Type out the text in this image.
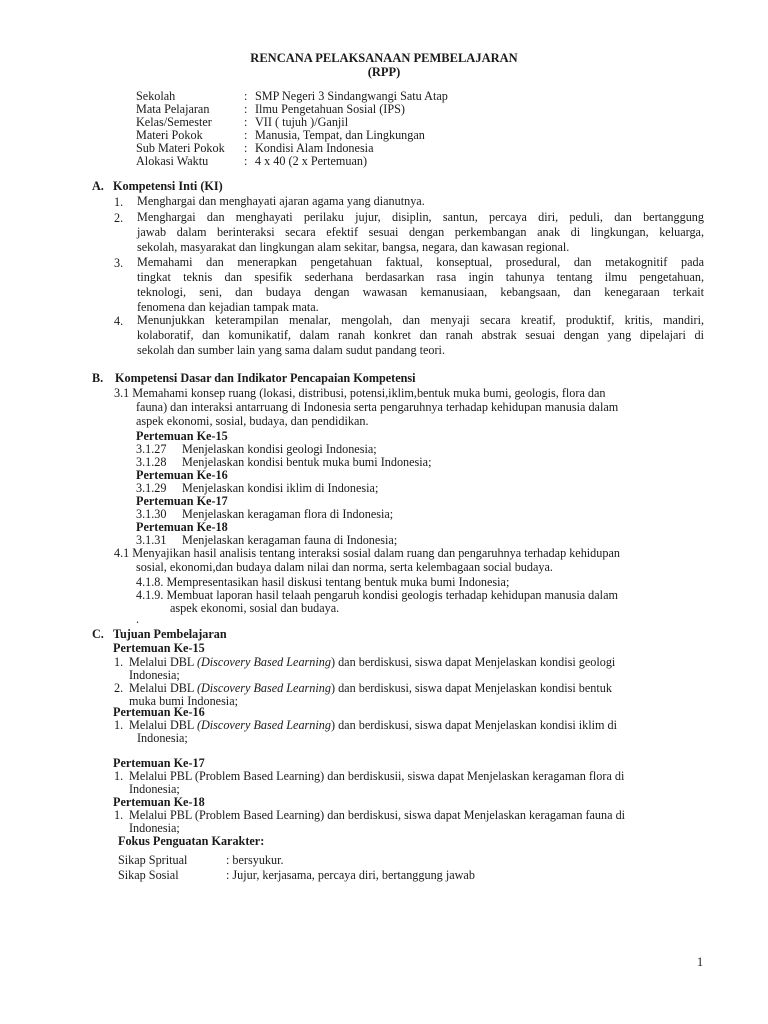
RENCANA PELAKSANAAN PEMBELAJARAN
(RPP)
Sekolah	: SMP Negeri 3 Sindangwangi Satu Atap
Mata Pelajaran	: Ilmu Pengetahuan Sosial (IPS)
Kelas/Semester	: VII ( tujuh )/Ganjil
Materi Pokok	: Manusia, Tempat, dan Lingkungan
Sub Materi Pokok	: Kondisi Alam Indonesia
Alokasi Waktu	: 4 x 40 (2 x Pertemuan)
A. Kompetensi Inti (KI)
1. Menghargai dan menghayati ajaran agama yang dianutnya.
2. Menghargai dan menghayati perilaku jujur, disiplin, santun, percaya diri, peduli, dan bertanggung
jawab dalam berinteraksi secara efektif sesuai dengan perkembangan anak di lingkungan, keluarga,
sekolah, masyarakat dan lingkungan alam sekitar, bangsa, negara, dan kawasan regional.
3. Memahami dan menerapkan pengetahuan faktual, konseptual, prosedural, dan metakognitif pada
tingkat teknis dan spesifik sederhana berdasarkan rasa ingin tahunya tentang ilmu pengetahuan,
teknologi, seni, dan budaya dengan wawasan kemanusiaan, kebangsaan, dan kenegaraan terkait
fenomena dan kejadian tampak mata.
4. Menunjukkan keterampilan menalar, mengolah, dan menyaji secara kreatif, produktif, kritis, mandiri,
kolaboratif, dan komunikatif, dalam ranah konkret dan ranah abstrak sesuai dengan yang dipelajari di
sekolah dan sumber lain yang sama dalam sudut pandang teori.
B. Kompetensi Dasar dan Indikator Pencapaian Kompetensi
3.1 Memahami konsep ruang (lokasi, distribusi, potensi,iklim,bentuk muka bumi, geologis, flora dan
fauna) dan interaksi antarruang di Indonesia serta pengaruhnya terhadap kehidupan manusia dalam
aspek ekonomi, sosial, budaya, dan pendidikan.
Pertemuan Ke-15
3.1.27 Menjelaskan kondisi geologi Indonesia;
3.1.28 Menjelaskan kondisi bentuk muka bumi Indonesia;
Pertemuan Ke-16
3.1.29 Menjelaskan kondisi iklim di Indonesia;
Pertemuan Ke-17
3.1.30 Menjelaskan keragaman flora di Indonesia;
Pertemuan Ke-18
3.1.31 Menjelaskan keragaman fauna di Indonesia;
4.1 Menyajikan hasil analisis tentang interaksi sosial dalam ruang dan pengaruhnya terhadap kehidupan
sosial, ekonomi,dan budaya dalam nilai dan norma, serta kelembagaan social budaya.
4.1.8. Mempresentasikan hasil diskusi tentang bentuk muka bumi Indonesia;
4.1.9. Membuat laporan hasil telaah pengaruh kondisi geologis terhadap kehidupan manusia dalam
aspek ekonomi, sosial dan budaya.
.
C. Tujuan Pembelajaran
Pertemuan Ke-15
1. Melalui DBL (Discovery Based Learning) dan berdiskusi, siswa dapat Menjelaskan kondisi geologi
Indonesia;
2. Melalui DBL (Discovery Based Learning) dan berdiskusi, siswa dapat Menjelaskan kondisi bentuk
muka bumi Indonesia;
Pertemuan Ke-16
1. Melalui DBL (Discovery Based Learning) dan berdiskusi, siswa dapat Menjelaskan kondisi iklim di
Indonesia;
Pertemuan Ke-17
1. Melalui PBL (Problem Based Learning) dan berdiskusii, siswa dapat Menjelaskan keragaman flora di
Indonesia;
Pertemuan Ke-18
1. Melalui PBL (Problem Based Learning) dan berdiskusi, siswa dapat Menjelaskan keragaman fauna di
Indonesia;
Fokus Penguatan Karakter:
Sikap Spritual	: bersyukur.
Sikap Sosial	: Jujur, kerjasama, percaya diri, bertanggung jawab
1
